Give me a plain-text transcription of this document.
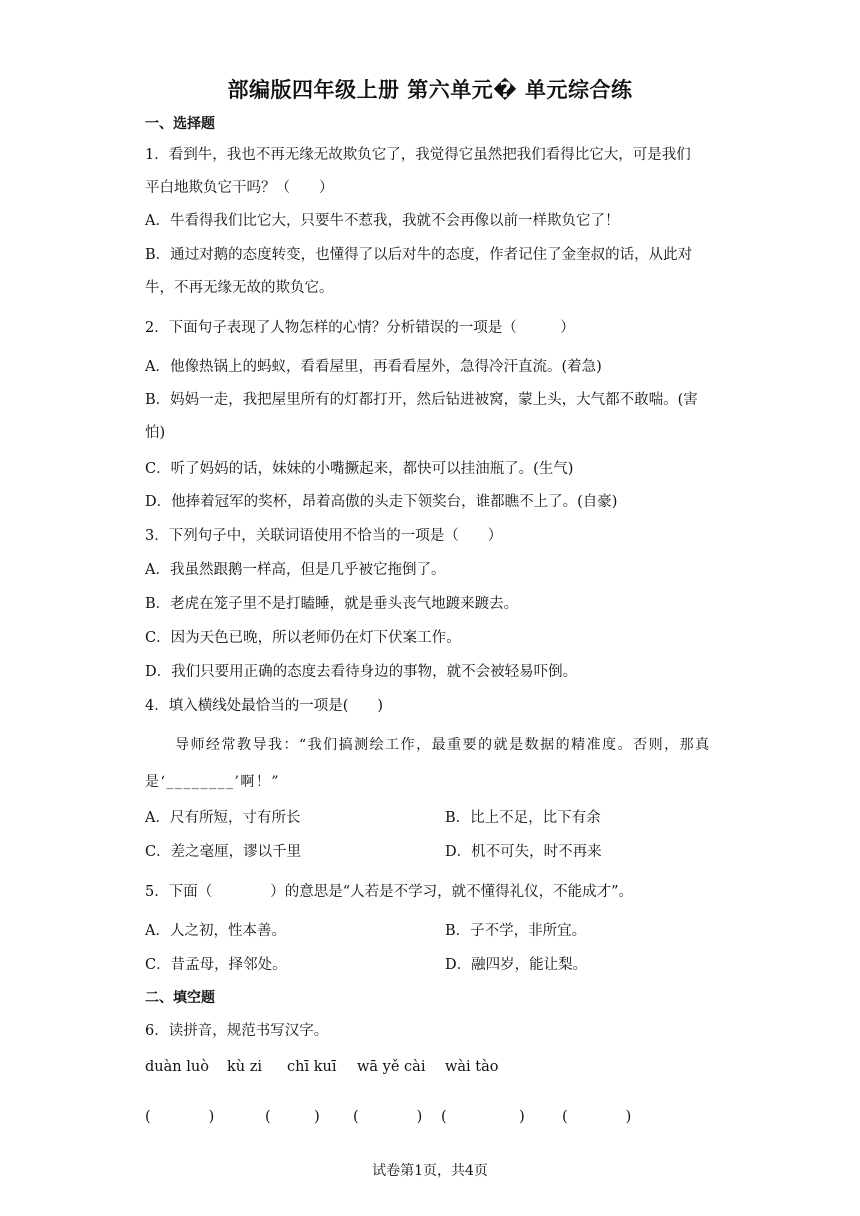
部编版四年级上册 第六单元� 单元综合练
一、选择题
1．看到牛，我也不再无缘无故欺负它了，我觉得它虽然把我们看得比它大，可是我们
平白地欺负它干吗？（　　）
A．牛看得我们比它大，只要牛不惹我，我就不会再像以前一样欺负它了！
B．通过对鹅的态度转变，也懂得了以后对牛的态度，作者记住了金奎叔的话，从此对
牛，不再无缘无故的欺负它。
2．下面句子表现了人物怎样的心情？分析错误的一项是（　　　）
A．他像热锅上的蚂蚁，看看屋里，再看看屋外，急得冷汗直流。(着急)
B．妈妈一走，我把屋里所有的灯都打开，然后钻进被窝，蒙上头，大气都不敢喘。(害
怕)
C．听了妈妈的话，妹妹的小嘴撅起来，都快可以挂油瓶了。(生气)
D．他捧着冠军的奖杯，昂着高傲的头走下领奖台，谁都瞧不上了。(自豪)
3．下列句子中，关联词语使用不恰当的一项是（　　）
A．我虽然跟鹅一样高，但是几乎被它拖倒了。
B．老虎在笼子里不是打瞌睡，就是垂头丧气地踱来踱去。
C．因为天色已晚，所以老师仍在灯下伏案工作。
D．我们只要用正确的态度去看待身边的事物，就不会被轻易吓倒。
4．填入横线处最恰当的一项是(　　)
导师经常教导我：“我们搞测绘工作，最重要的就是数据的精准度。否则，那真
是‘________’啊！”
A．尺有所短，寸有所长	B．比上不足，比下有余
C．差之毫厘，谬以千里	D．机不可失，时不再来
5．下面（　　　　）的意思是“人若是不学习，就不懂得礼仪，不能成才”。
A．人之初，性本善。	B．子不学，非所宜。
C．昔孟母，择邻处。	D．融四岁，能让梨。
二、填空题
6．读拼音，规范书写汉字。
duàn luò kù zi chī kuī wā yě cài wài tào
(　　　　)	(　　　) (　　　　) (　　　　　)	(　　　　)
试卷第1页，共4页
